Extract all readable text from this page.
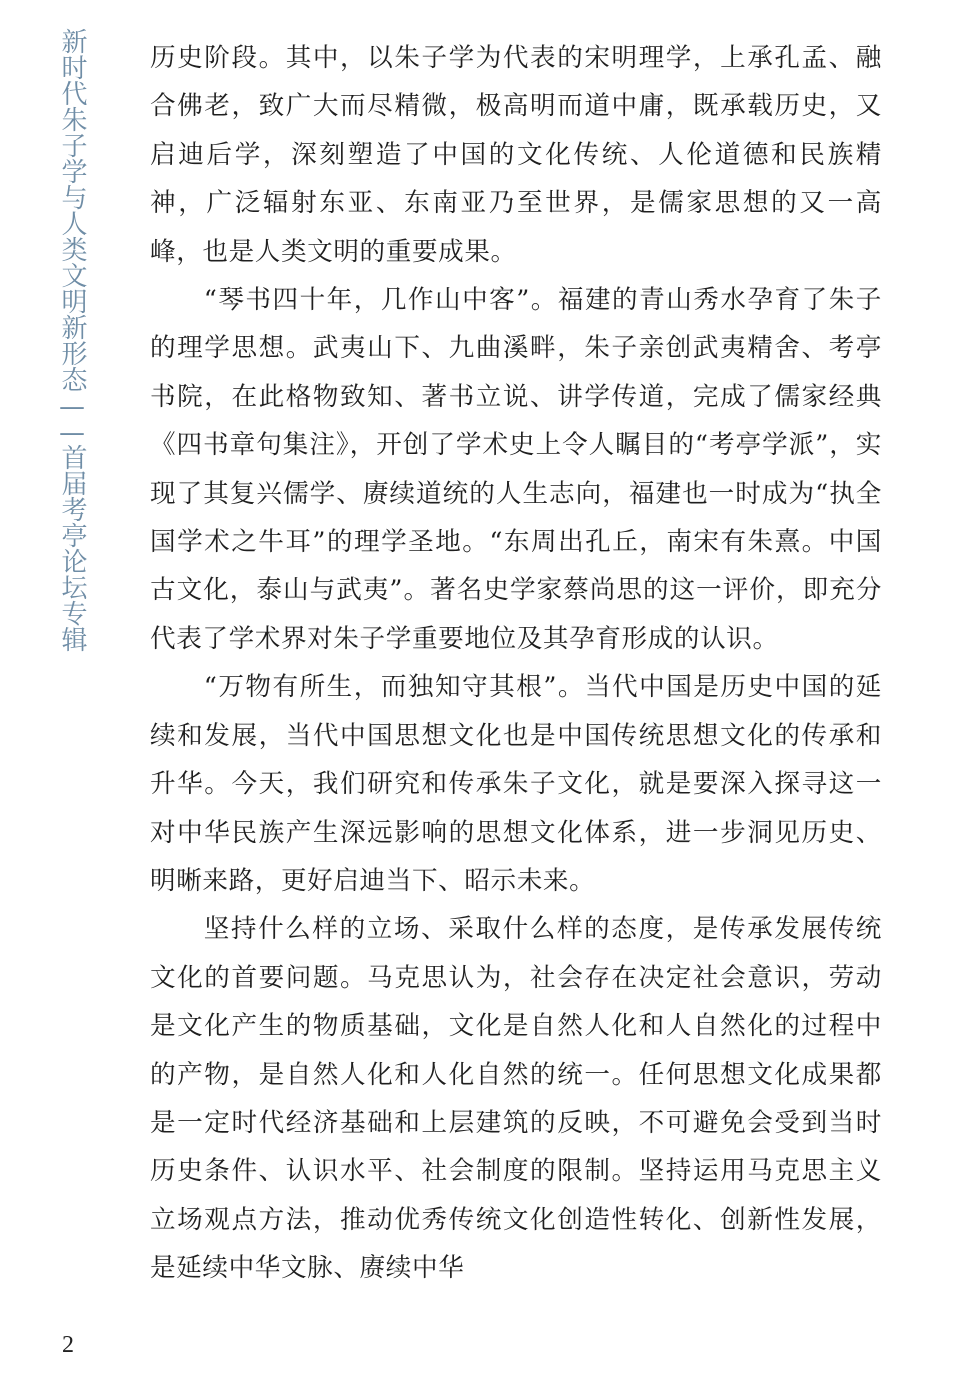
新时代朱子学与人类文明新形态——首届考亭论坛专辑

历史阶段。其中，以朱子学为代表的宋明理学，上承孔孟、融合佛老，致广大而尽精微，极高明而道中庸，既承载历史，又启迪后学，深刻塑造了中国的文化传统、人伦道德和民族精神，广泛辐射东亚、东南亚乃至世界，是儒家思想的又一高峰，也是人类文明的重要成果。

“琴书四十年，几作山中客”。福建的青山秀水孕育了朱子的理学思想。武夷山下、九曲溪畔，朱子亲创武夷精舍、考亭书院，在此格物致知、著书立说、讲学传道，完成了儒家经典《四书章句集注》，开创了学术史上令人瞩目的“考亭学派”，实现了其复兴儒学、赓续道统的人生志向，福建也一时成为“执全国学术之牛耳”的理学圣地。“东周出孔丘，南宋有朱熹。中国古文化，泰山与武夷”。著名史学家蔡尚思的这一评价，即充分代表了学术界对朱子学重要地位及其孕育形成的认识。

“万物有所生，而独知守其根”。当代中国是历史中国的延续和发展，当代中国思想文化也是中国传统思想文化的传承和升华。今天，我们研究和传承朱子文化，就是要深入探寻这一对中华民族产生深远影响的思想文化体系，进一步洞见历史、明晰来路，更好启迪当下、昭示未来。

坚持什么样的立场、采取什么样的态度，是传承发展传统文化的首要问题。马克思认为，社会存在决定社会意识，劳动是文化产生的物质基础，文化是自然人化和人自然化的过程中的产物，是自然人化和人化自然的统一。任何思想文化成果都是一定时代经济基础和上层建筑的反映，不可避免会受到当时历史条件、认识水平、社会制度的限制。坚持运用马克思主义立场观点方法，推动优秀传统文化创造性转化、创新性发展，是延续中华文脉、赓续中华

2
